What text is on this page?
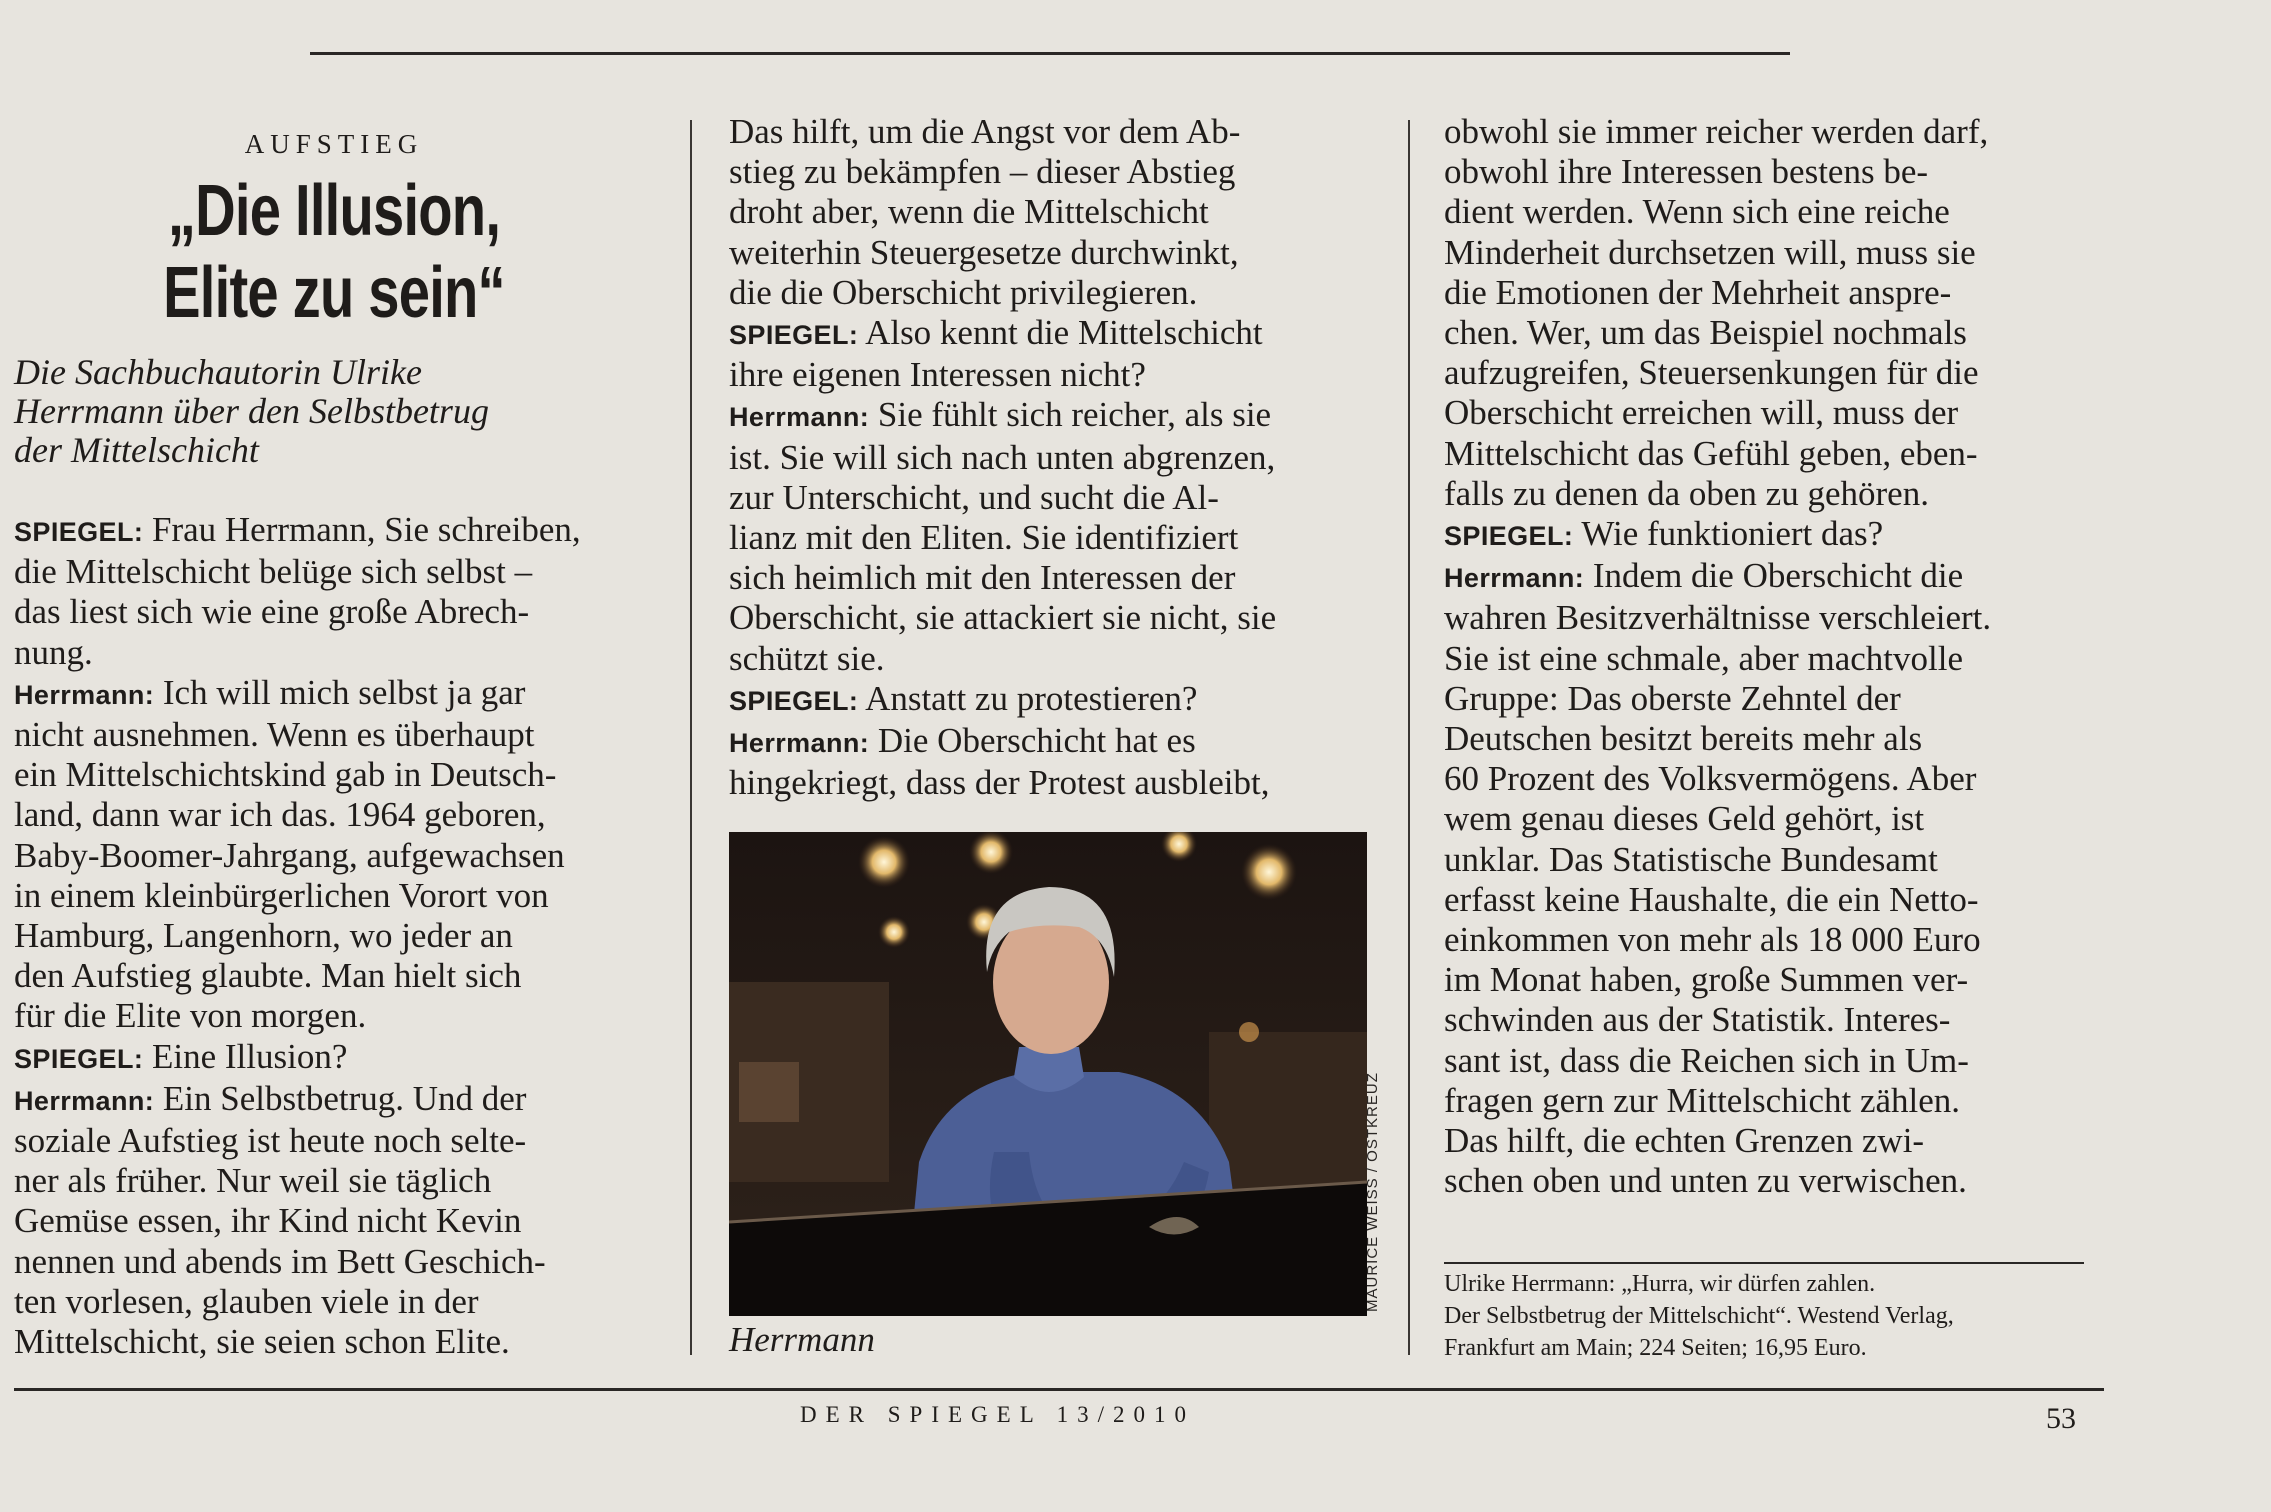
AUFSTIEG
„Die Illusion,
Elite zu sein“
Die Sachbuchautorin Ulrike
Herrmann über den Selbstbetrug
der Mittelschicht

SPIEGEL: Frau Herrmann, Sie schreiben,
die Mittelschicht belüge sich selbst –
das liest sich wie eine große Abrech-
nung.

Herrmann: Ich will mich selbst ja gar
nicht ausnehmen. Wenn es überhaupt
ein Mittelschichtskind gab in Deutsch-
land, dann war ich das. 1964 geboren,
Baby-Boomer-Jahrgang, aufgewachsen
in einem kleinbürgerlichen Vorort von
Hamburg, Langenhorn, wo jeder an
den Aufstieg glaubte. Man hielt sich
für die Elite von morgen.

SPIEGEL: Eine Illusion?

Herrmann: Ein Selbstbetrug. Und der
soziale Aufstieg ist heute noch selte-
ner als früher. Nur weil sie täglich
Gemüse essen, ihr Kind nicht Kevin
nennen und abends im Bett Geschich-
ten vorlesen, glauben viele in der
Mittelschicht, sie seien schon Elite.

Das hilft, um die Angst vor dem Ab-
stieg zu bekämpfen – dieser Abstieg
droht aber, wenn die Mittelschicht
weiterhin Steuergesetze durchwinkt,
die die Oberschicht privilegieren.

SPIEGEL: Also kennt die Mittelschicht
ihre eigenen Interessen nicht?

Herrmann: Sie fühlt sich reicher, als sie
ist. Sie will sich nach unten abgrenzen,
zur Unterschicht, und sucht die Al-
lianz mit den Eliten. Sie identifiziert
sich heimlich mit den Interessen der
Oberschicht, sie attackiert sie nicht, sie
schützt sie.

SPIEGEL: Anstatt zu protestieren?

Herrmann: Die Oberschicht hat es
hingekriegt, dass der Protest ausbleibt,

MAURICE WEISS / OSTKREUZ
Herrmann

obwohl sie immer reicher werden darf,
obwohl ihre Interessen bestens be-
dient werden. Wenn sich eine reiche
Minderheit durchsetzen will, muss sie
die Emotionen der Mehrheit anspre-
chen. Wer, um das Beispiel nochmals
aufzugreifen, Steuersenkungen für die
Oberschicht erreichen will, muss der
Mittelschicht das Gefühl geben, eben-
falls zu denen da oben zu gehören.

SPIEGEL: Wie funktioniert das?

Herrmann: Indem die Oberschicht die
wahren Besitzverhältnisse verschleiert.
Sie ist eine schmale, aber machtvolle
Gruppe: Das oberste Zehntel der
Deutschen besitzt bereits mehr als
60 Prozent des Volksvermögens. Aber
wem genau dieses Geld gehört, ist
unklar. Das Statistische Bundesamt
erfasst keine Haushalte, die ein Netto-
einkommen von mehr als 18 000 Euro
im Monat haben, große Summen ver-
schwinden aus der Statistik. Interes-
sant ist, dass die Reichen sich in Um-
fragen gern zur Mittelschicht zählen.
Das hilft, die echten Grenzen zwi-
schen oben und unten zu verwischen.

Ulrike Herrmann: „Hurra, wir dürfen zahlen.
Der Selbstbetrug der Mittelschicht“. Westend Verlag,
Frankfurt am Main; 224 Seiten; 16,95 Euro.
DER SPIEGEL 13/2010	53
